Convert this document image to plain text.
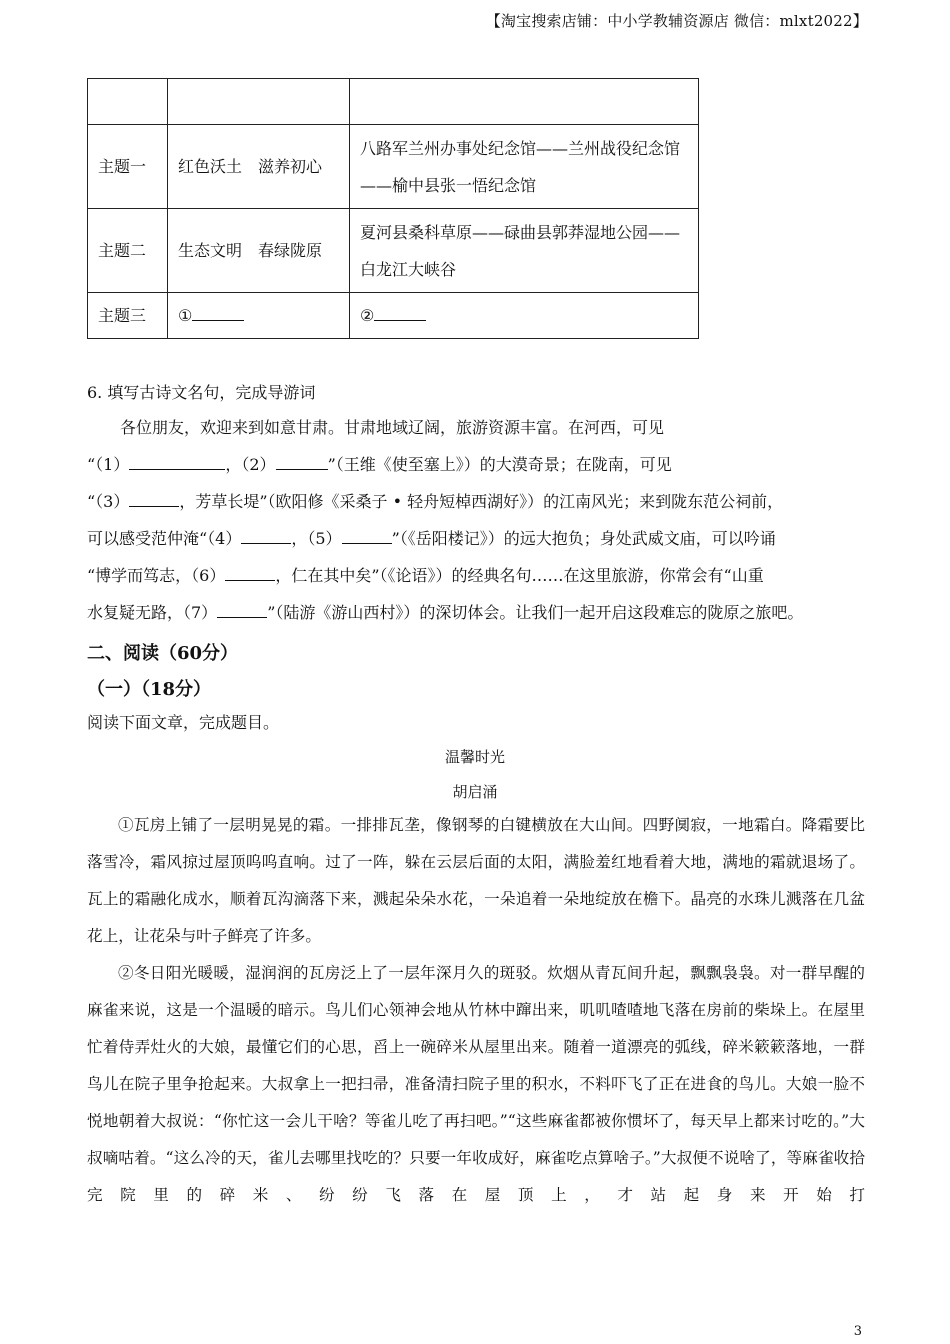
【淘宝搜索店铺：中小学教辅资源店 微信：mlxt2022】

主题一	红色沃土　滋养初心	八路军兰州办事处纪念馆——兰州战役纪念馆——榆中县张一悟纪念馆
主题二	生态文明　春绿陇原	夏河县桑科草原——碌曲县郭莽湿地公园——白龙江大峡谷
主题三	①	②
6. 填写古诗文名句，完成导游词

各位朋友，欢迎来到如意甘肃。甘肃地域辽阔，旅游资源丰富。在河西，可见

“（1）	，（2）	”（王维《使至塞上》）的大漠奇景；在陇南，可见

“（3）	，芳草长堤”（欧阳修《采桑子 • 轻舟短棹西湖好》）的江南风光；来到陇东范公祠前，

可以感受范仲淹“（4）	，（5）	”（《岳阳楼记》）的远大抱负；身处武威文庙，可以吟诵

“博学而笃志，（6）	，仁在其中矣”（《论语》）的经典名句……在这里旅游，你常会有“山重

水复疑无路，（7）	”（陆游《游山西村》）的深切体会。让我们一起开启这段难忘的陇原之旅吧。

二、阅读（60分）
（一）（18分）
阅读下面文章，完成题目。
温馨时光
胡启涌

①瓦房上铺了一层明晃晃的霜。一排排瓦垄，像钢琴的白键横放在大山间。四野阒寂，一地霜白。降霜要比落雪冷，霜风掠过屋顶呜呜直响。过了一阵，躲在云层后面的太阳，满脸羞红地看着大地，满地的霜就退场了。瓦上的霜融化成水，顺着瓦沟滴落下来，溅起朵朵水花，一朵追着一朵地绽放在檐下。晶亮的水珠儿溅落在几盆花上，让花朵与叶子鲜亮了许多。

②冬日阳光暖暖，湿润润的瓦房泛上了一层年深月久的斑驳。炊烟从青瓦间升起，飘飘袅袅。对一群早醒的麻雀来说，这是一个温暖的暗示。鸟儿们心领神会地从竹林中蹿出来，叽叽喳喳地飞落在房前的柴垛上。在屋里忙着侍弄灶火的大娘，最懂它们的心思，舀上一碗碎米从屋里出来。随着一道漂亮的弧线，碎米簌簌落地，一群鸟儿在院子里争抢起来。大叔拿上一把扫帚，准备清扫院子里的积水，不料吓飞了正在进食的鸟儿。大娘一脸不悦地朝着大叔说：“你忙这一会儿干啥？等雀儿吃了再扫吧。”“这些麻雀都被你惯坏了，每天早上都来讨吃的。”大叔嘀咕着。“这么冷的天，雀儿去哪里找吃的？只要一年收成好，麻雀吃点算啥子。”大叔便不说啥了，等麻雀收拾完院里的碎米、纷纷飞落在屋顶上，才站起身来开始打

3
